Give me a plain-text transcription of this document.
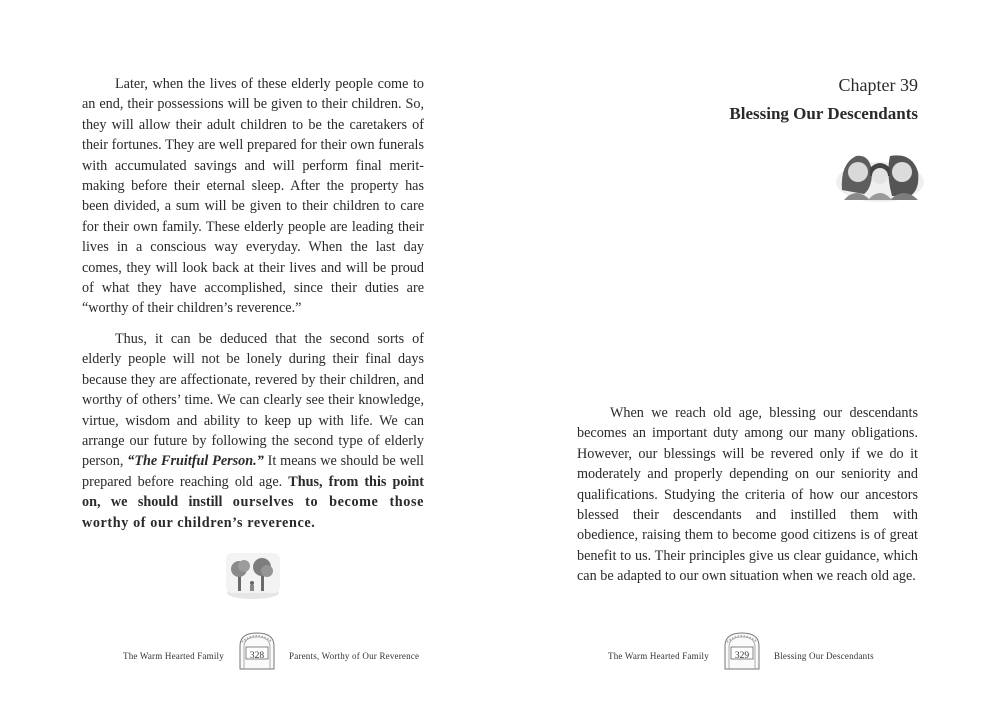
Later, when the lives of these elderly people come to an end, their possessions will be given to their children. So, they will allow their adult children to be the caretakers of their fortunes. They are well prepared for their own funerals with accumulated savings and will perform final merit-making before their eternal sleep. After the property has been divided, a sum will be given to their children to care for their own family. These elderly people are leading their lives in a conscious way everyday. When the last day comes, they will look back at their lives and will be proud of what they have accomplished, since their duties are “worthy of their children’s reverence.”

Thus, it can be deduced that the second sorts of elderly people will not be lonely during their final days because they are affectionate, revered by their children, and worthy of others’ time. We can clearly see their knowledge, virtue, wisdom and ability to keep up with life. We can arrange our future by following the second type of elderly person, “The Fruitful Person.” It means we should be well prepared before reaching old age. Thus, from this point on, we should instill ourselves to become those worthy of our children’s reverence.

The Warm Hearted Family	328	Parents, Worthy of Our Reverence
Chapter 39
Blessing Our Descendants

When we reach old age, blessing our descendants becomes an important duty among our many obligations. However, our blessings will be revered only if we do it moderately and properly depending on our seniority and qualifications. Studying the criteria of how our ancestors blessed their descendants and instilled them with obedience, raising them to become good citizens is of great benefit to us. Their principles give us clear guidance, which can be adapted to our own situation when we reach old age.

The Warm Hearted Family	329	Blessing Our Descendants
